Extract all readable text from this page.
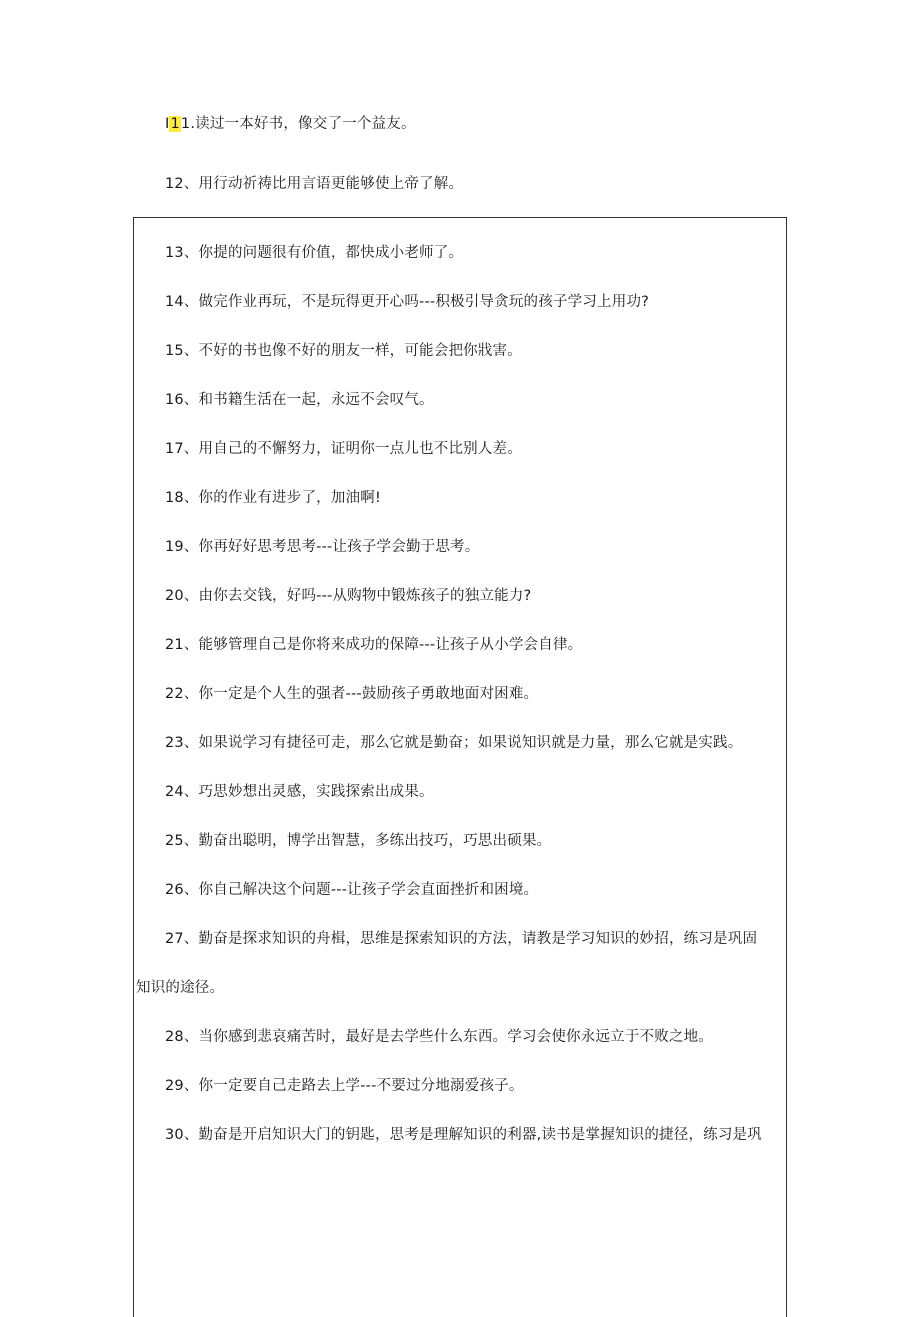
I11.读过一本好书，像交了一个益友。
12、用行动祈祷比用言语更能够使上帝了解。
13、你提的问题很有价值，都快成小老师了。
14、做完作业再玩，不是玩得更开心吗---积极引导贪玩的孩子学习上用功?
15、不好的书也像不好的朋友一样，可能会把你戕害。
16、和书籍生活在一起，永远不会叹气。
17、用自己的不懈努力，证明你一点儿也不比别人差。
18、你的作业有进步了，加油啊!
19、你再好好思考思考---让孩子学会勤于思考。
20、由你去交钱，好吗---从购物中锻炼孩子的独立能力?
21、能够管理自己是你将来成功的保障---让孩子从小学会自律。
22、你一定是个人生的强者---鼓励孩子勇敢地面对困难。
23、如果说学习有捷径可走，那么它就是勤奋；如果说知识就是力量，那么它就是实践。
24、巧思妙想出灵感，实践探索出成果。
25、勤奋出聪明，博学出智慧，多练出技巧，巧思出硕果。
26、你自己解决这个问题---让孩子学会直面挫折和困境。
27、勤奋是探求知识的舟楫，思维是探索知识的方法，请教是学习知识的妙招，练习是巩固
知识的途径。
28、当你感到悲哀痛苦时，最好是去学些什么东西。学习会使你永远立于不败之地。
29、你一定要自己走路去上学---不要过分地溺爱孩子。
30、勤奋是开启知识大门的钥匙，思考是理解知识的利器,读书是掌握知识的捷径，练习是巩
